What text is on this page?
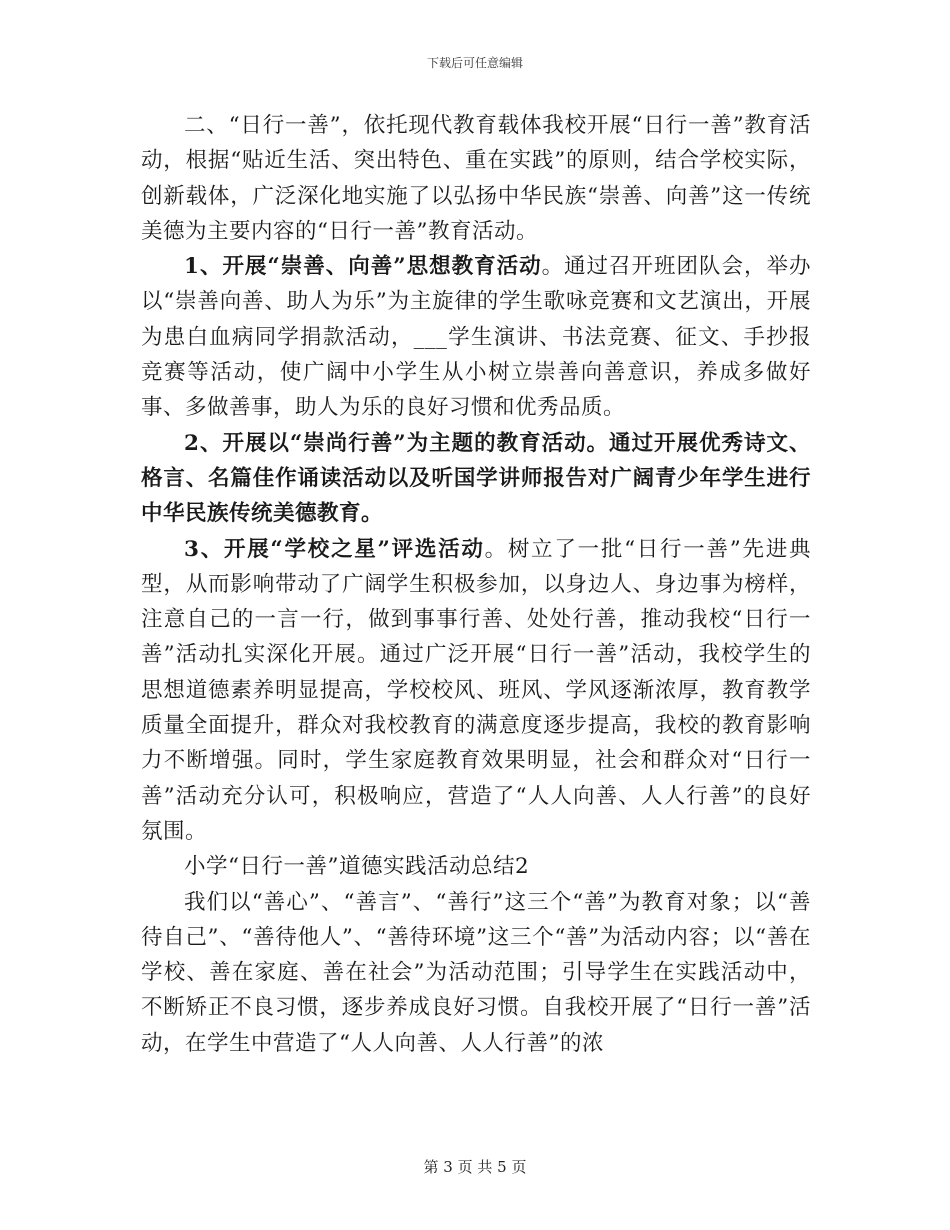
下载后可任意编辑

二、“日行一善”，依托现代教育载体我校开展“日行一善”教育活动，根据“贴近生活、突出特色、重在实践”的原则，结合学校实际，创新载体，广泛深化地实施了以弘扬中华民族“崇善、向善”这一传统美德为主要内容的“日行一善”教育活动。

1、开展“崇善、向善”思想教育活动。通过召开班团队会，举办以“崇善向善、助人为乐”为主旋律的学生歌咏竞赛和文艺演出，开展为患白血病同学捐款活动，___学生演讲、书法竞赛、征文、手抄报竞赛等活动，使广阔中小学生从小树立崇善向善意识，养成多做好事、多做善事，助人为乐的良好习惯和优秀品质。

2、开展以“崇尚行善”为主题的教育活动。通过开展优秀诗文、格言、名篇佳作诵读活动以及听国学讲师报告对广阔青少年学生进行中华民族传统美德教育。

3、开展“学校之星”评选活动。树立了一批“日行一善”先进典型，从而影响带动了广阔学生积极参加，以身边人、身边事为榜样，注意自己的一言一行，做到事事行善、处处行善，推动我校“日行一善”活动扎实深化开展。通过广泛开展“日行一善”活动，我校学生的思想道德素养明显提高，学校校风、班风、学风逐渐浓厚，教育教学质量全面提升，群众对我校教育的满意度逐步提高，我校的教育影响力不断增强。同时，学生家庭教育效果明显，社会和群众对“日行一善”活动充分认可，积极响应，营造了“人人向善、人人行善”的良好氛围。

小学“日行一善”道德实践活动总结2

我们以“善心”、“善言”、“善行”这三个“善”为教育对象；以“善待自己”、“善待他人”、“善待环境”这三个“善”为活动内容；以“善在学校、善在家庭、善在社会”为活动范围；引导学生在实践活动中，不断矫正不良习惯，逐步养成良好习惯。自我校开展了“日行一善”活动，在学生中营造了“人人向善、人人行善”的浓

第 3 页 共 5 页
